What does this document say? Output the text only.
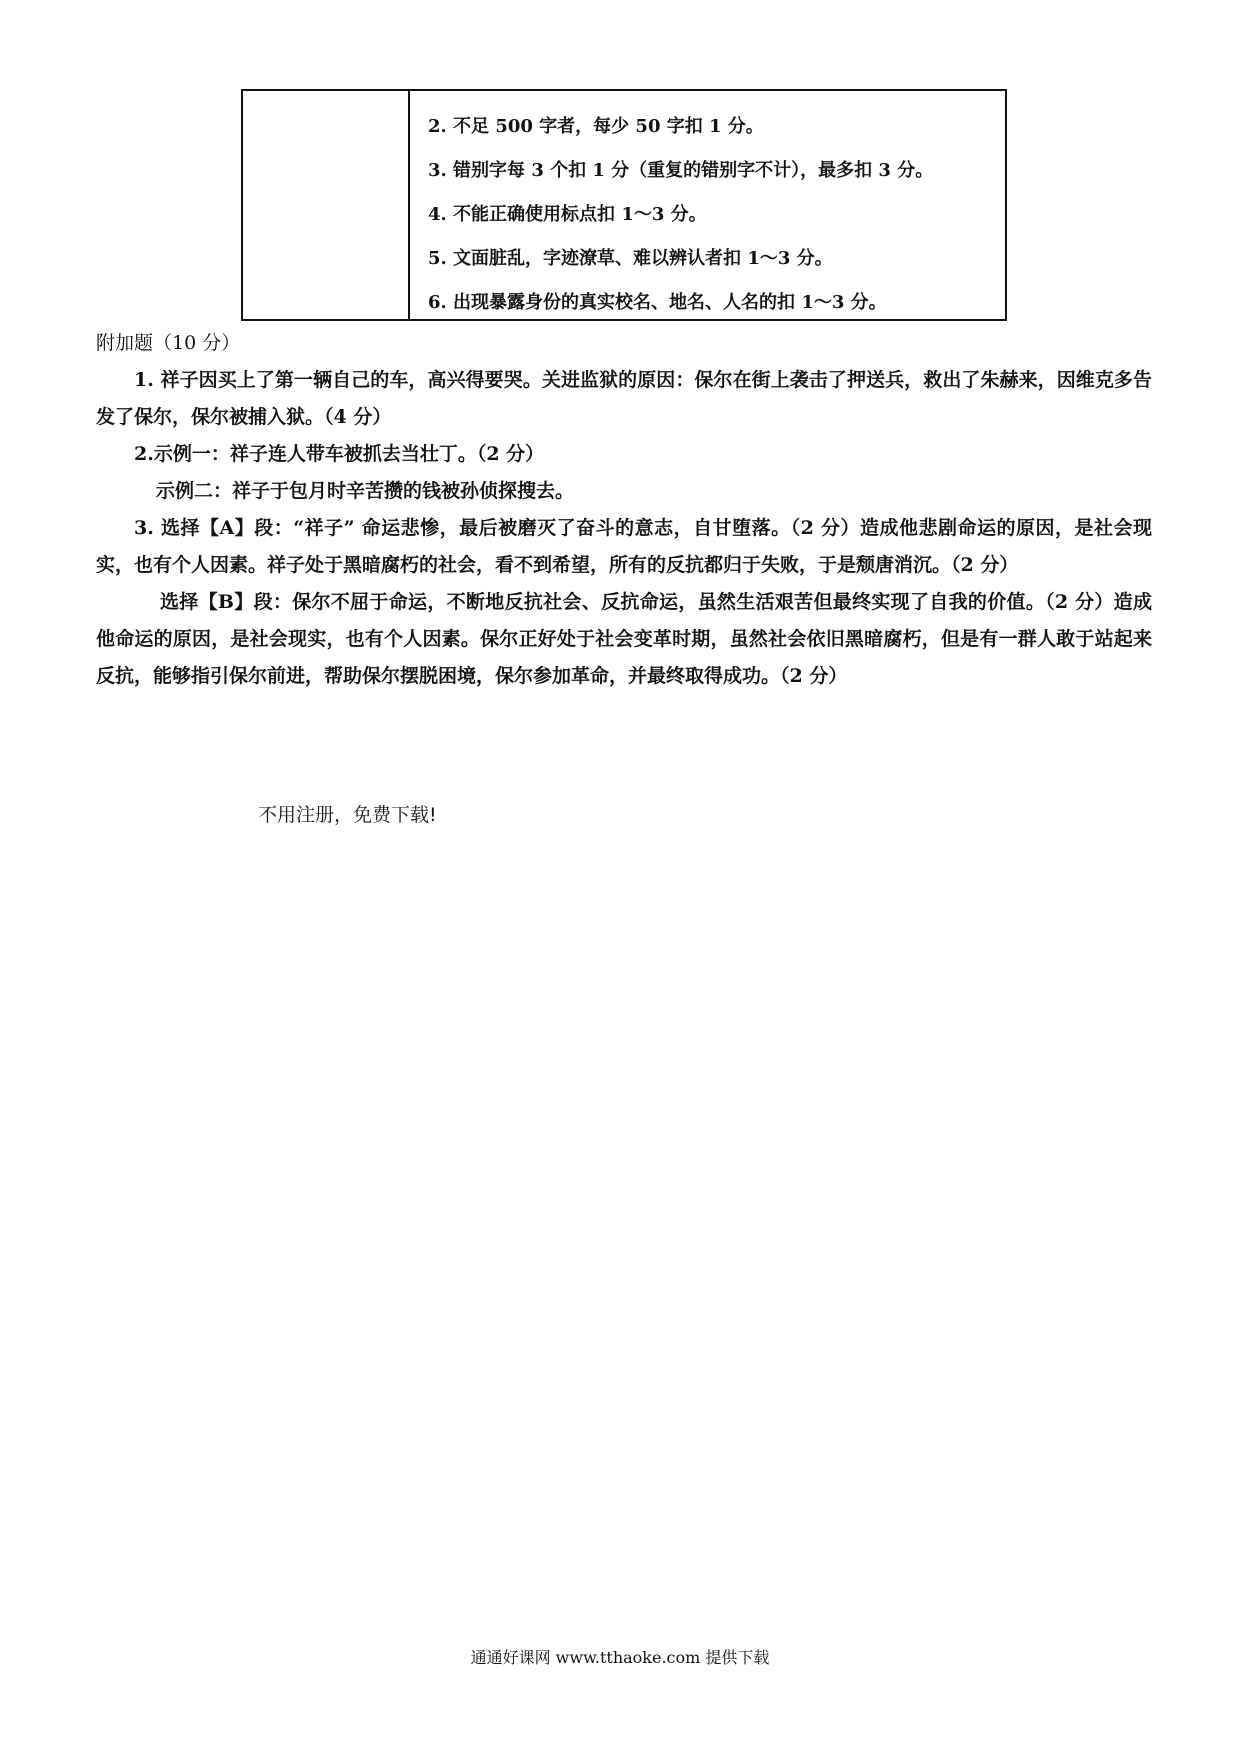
2. 不足 500 字者，每少 50 字扣 1 分。
3. 错别字每 3 个扣 1 分（重复的错别字不计），最多扣 3 分。
4. 不能正确使用标点扣 1～3 分。
5. 文面脏乱，字迹潦草、难以辨认者扣 1～3 分。
6. 出现暴露身份的真实校名、地名、人名的扣 1～3 分。

附加题（10 分）

1. 祥子因买上了第一辆自己的车，高兴得要哭。关进监狱的原因：保尔在街上袭击了押送兵，救出了朱赫来，因维克多告发了保尔，保尔被捕入狱。（4 分）

2.示例一：祥子连人带车被抓去当壮丁。（2 分）

示例二：祥子于包月时辛苦攒的钱被孙侦探搜去。

3. 选择【A】段：“祥子” 命运悲惨，最后被磨灭了奋斗的意志，自甘堕落。（2 分）造成他悲剧命运的原因，是社会现实，也有个人因素。祥子处于黑暗腐朽的社会，看不到希望，所有的反抗都归于失败，于是颓唐消沉。（2 分）

选择【B】段：保尔不屈于命运，不断地反抗社会、反抗命运，虽然生活艰苦但最终实现了自我的价值。（2 分）造成他命运的原因，是社会现实，也有个人因素。保尔正好处于社会变革时期，虽然社会依旧黑暗腐朽，但是有一群人敢于站起来反抗，能够指引保尔前进，帮助保尔摆脱困境，保尔参加革命，并最终取得成功。（2 分）

不用注册，免费下载!
通通好课网 www.tthaoke.com 提供下载
